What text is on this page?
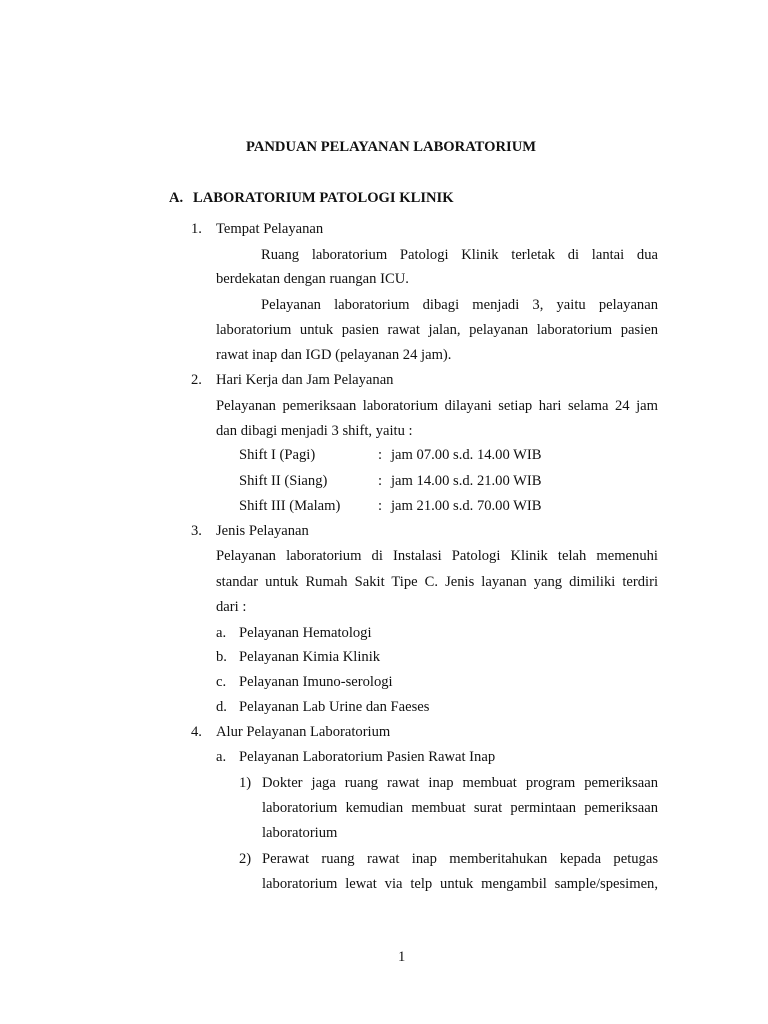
PANDUAN PELAYANAN LABORATORIUM
A. LABORATORIUM PATOLOGI KLINIK
1. Tempat Pelayanan
Ruang laboratorium Patologi Klinik terletak di lantai dua
berdekatan dengan ruangan ICU.
Pelayanan laboratorium dibagi menjadi 3, yaitu pelayanan
laboratorium untuk pasien rawat jalan, pelayanan laboratorium pasien
rawat inap dan IGD (pelayanan 24 jam).
2. Hari Kerja dan Jam Pelayanan
Pelayanan pemeriksaan laboratorium dilayani setiap hari selama 24 jam
dan dibagi menjadi 3 shift, yaitu :
Shift I (Pagi)	: jam 07.00 s.d. 14.00 WIB
Shift II (Siang)	: jam 14.00 s.d. 21.00 WIB
Shift III (Malam)	: jam 21.00 s.d. 70.00 WIB
3. Jenis Pelayanan
Pelayanan laboratorium di Instalasi Patologi Klinik telah memenuhi
standar untuk Rumah Sakit Tipe C. Jenis layanan yang dimiliki terdiri
dari :
a. Pelayanan Hematologi
b. Pelayanan Kimia Klinik
c. Pelayanan Imuno-serologi
d. Pelayanan Lab Urine dan Faeses
4. Alur Pelayanan Laboratorium
a. Pelayanan Laboratorium Pasien Rawat Inap
1) Dokter jaga ruang rawat inap membuat program pemeriksaan
laboratorium kemudian membuat surat permintaan pemeriksaan
laboratorium
2) Perawat ruang rawat inap memberitahukan kepada petugas
laboratorium lewat via telp untuk mengambil sample/spesimen,
1
